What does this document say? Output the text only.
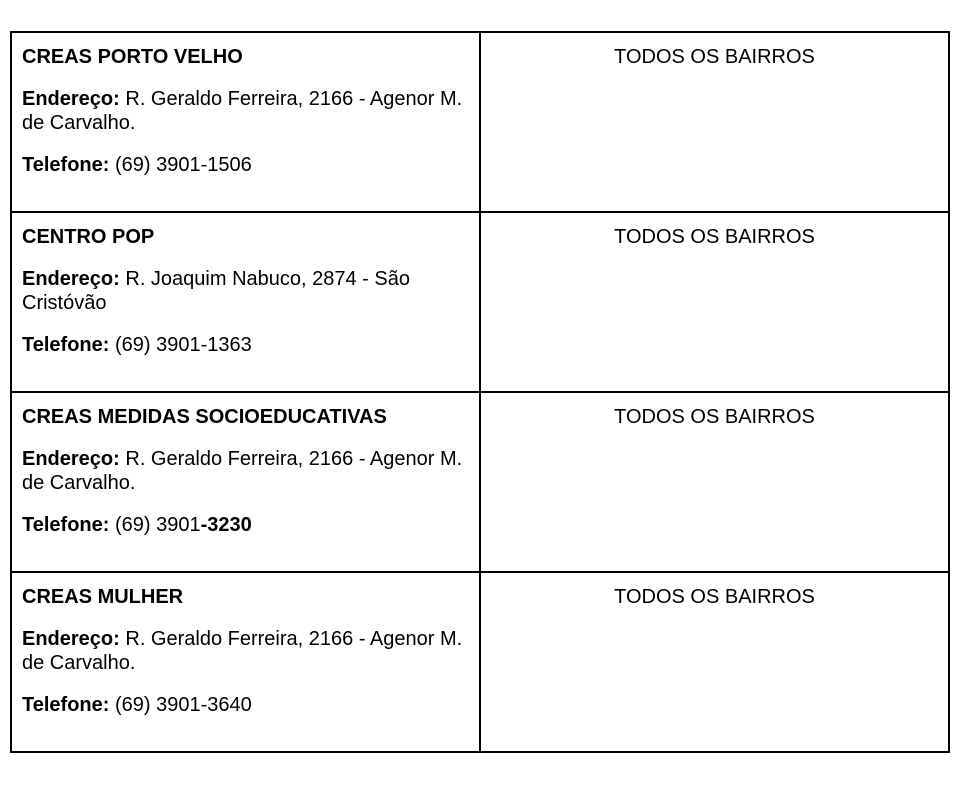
CREAS PORTO VELHO
Endereço: R. Geraldo Ferreira, 2166 - Agenor M. de Carvalho.
Telefone: (69) 3901-1506	TODOS OS BAIRROS

CENTRO POP
Endereço: R. Joaquim Nabuco, 2874 - São Cristóvão
Telefone: (69) 3901-1363	TODOS OS BAIRROS

CREAS MEDIDAS SOCIOEDUCATIVAS
Endereço: R. Geraldo Ferreira, 2166 - Agenor M. de Carvalho.
Telefone: (69) 3901-3230	TODOS OS BAIRROS

CREAS MULHER
Endereço: R. Geraldo Ferreira, 2166 - Agenor M. de Carvalho.
Telefone: (69) 3901-3640	TODOS OS BAIRROS
